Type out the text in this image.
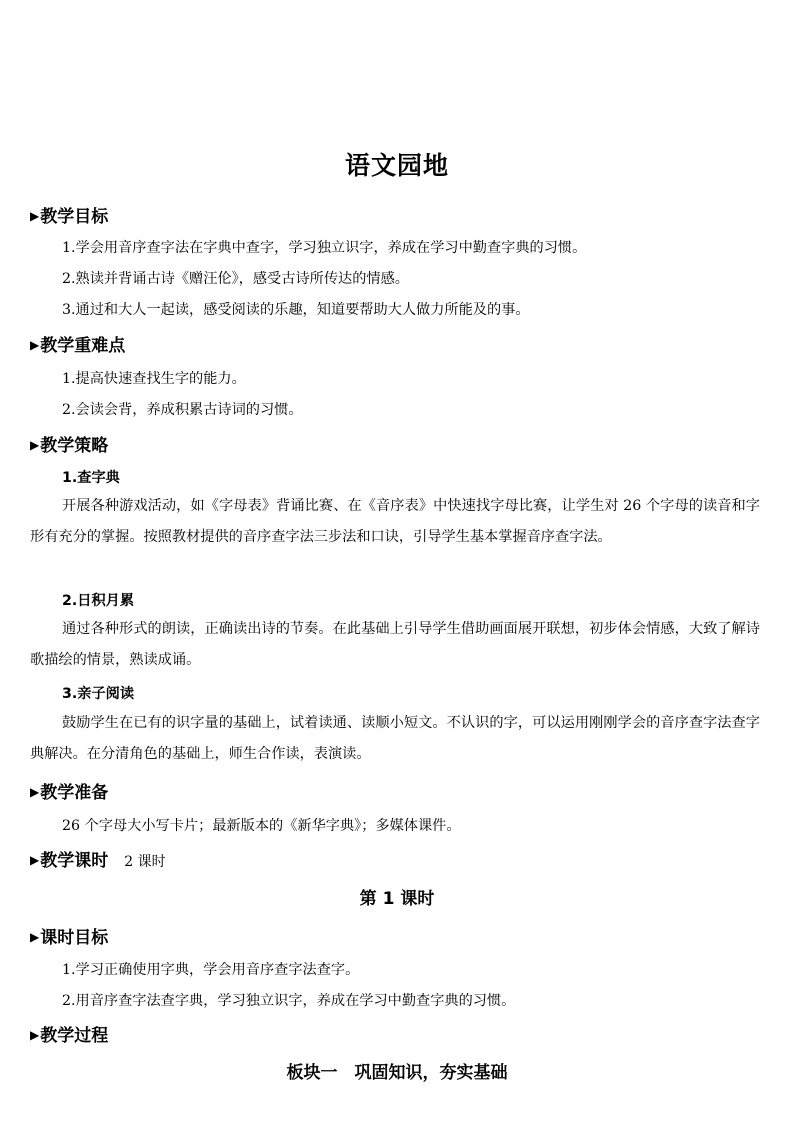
语文园地
▶教学目标
1.学会用音序查字法在字典中查字，学习独立识字，养成在学习中勤查字典的习惯。
2.熟读并背诵古诗《赠汪伦》，感受古诗所传达的情感。
3.通过和大人一起读，感受阅读的乐趣，知道要帮助大人做力所能及的事。
▶教学重难点
1.提高快速查找生字的能力。
2.会读会背，养成积累古诗词的习惯。
▶教学策略
1.查字典
开展各种游戏活动，如《字母表》背诵比赛、在《音序表》中快速找字母比赛，让学生对 26 个字母的读音和字形有充分的掌握。按照教材提供的音序查字法三步法和口诀，引导学生基本掌握音序查字法。
2.日积月累
通过各种形式的朗读，正确读出诗的节奏。在此基础上引导学生借助画面展开联想，初步体会情感，大致了解诗歌描绘的情景，熟读成诵。
3.亲子阅读
鼓励学生在已有的识字量的基础上，试着读通、读顺小短文。不认识的字，可以运用刚刚学会的音序查字法查字典解决。在分清角色的基础上，师生合作读，表演读。
▶教学准备
26 个字母大小写卡片；最新版本的《新华字典》；多媒体课件。
▶教学课时 2 课时
第 1 课时
▶课时目标
1.学习正确使用字典，学会用音序查字法查字。
2.用音序查字法查字典，学习独立识字，养成在学习中勤查字典的习惯。
▶教学过程
板块一　巩固知识，夯实基础
